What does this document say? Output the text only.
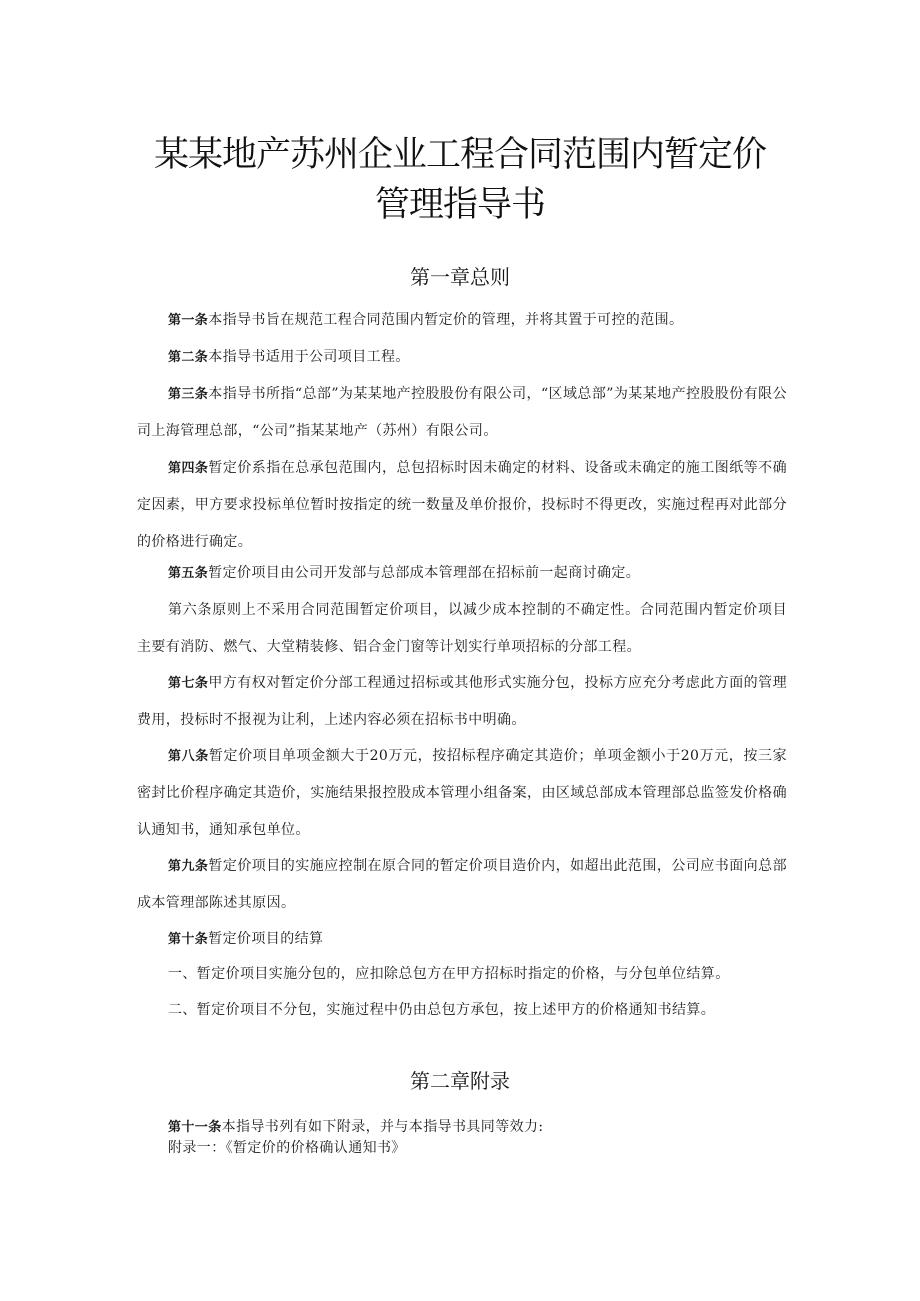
某某地产苏州企业工程合同范围内暂定价
管理指导书
第一章总则

第一条本指导书旨在规范工程合同范围内暂定价的管理，并将其置于可控的范围。

第二条本指导书适用于公司项目工程。

第三条本指导书所指“总部”为某某地产控股股份有限公司，“区域总部”为某某地产控股股份有限公司上海管理总部，“公司”指某某地产（苏州）有限公司。

第四条暂定价系指在总承包范围内，总包招标时因未确定的材料、设备或未确定的施工图纸等不确定因素，甲方要求投标单位暂时按指定的统一数量及单价报价，投标时不得更改，实施过程再对此部分的价格进行确定。

第五条暂定价项目由公司开发部与总部成本管理部在招标前一起商讨确定。

第六条原则上不采用合同范围暂定价项目，以减少成本控制的不确定性。合同范围内暂定价项目主要有消防、燃气、大堂精装修、铝合金门窗等计划实行单项招标的分部工程。

第七条甲方有权对暂定价分部工程通过招标或其他形式实施分包，投标方应充分考虑此方面的管理费用，投标时不报视为让利，上述内容必须在招标书中明确。

第八条暂定价项目单项金额大于20万元，按招标程序确定其造价；单项金额小于20万元，按三家密封比价程序确定其造价，实施结果报控股成本管理小组备案，由区域总部成本管理部总监签发价格确认通知书，通知承包单位。

第九条暂定价项目的实施应控制在原合同的暂定价项目造价内，如超出此范围，公司应书面向总部成本管理部陈述其原因。

第十条暂定价项目的结算

一、暂定价项目实施分包的，应扣除总包方在甲方招标时指定的价格，与分包单位结算。

二、暂定价项目不分包，实施过程中仍由总包方承包，按上述甲方的价格通知书结算。

第二章附录

第十一条本指导书列有如下附录，并与本指导书具同等效力:

附录一：《暂定价的价格确认通知书》
